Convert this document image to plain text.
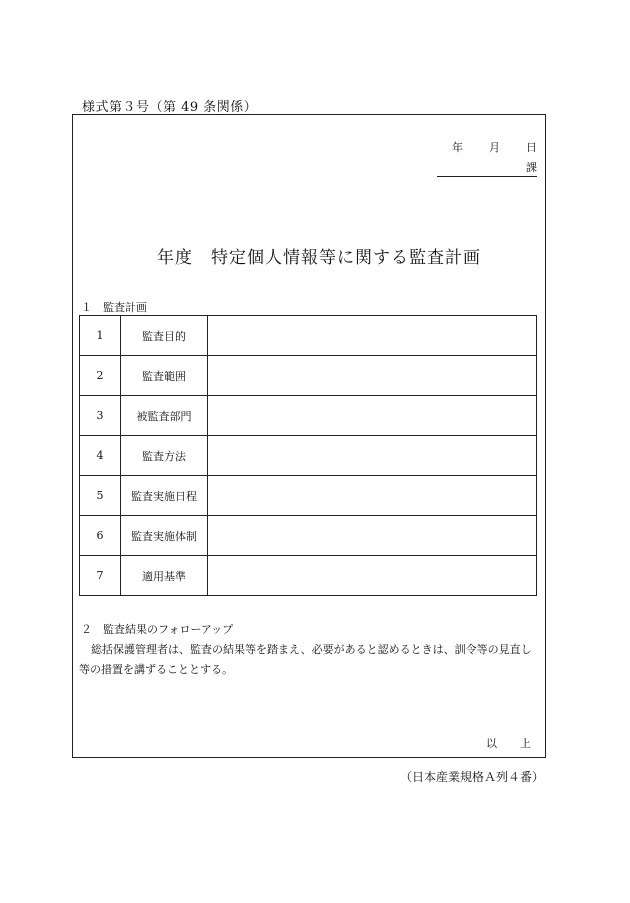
様式第３号（第 49 条関係）
年 月 日
課
年度　特定個人情報等に関する監査計画
１　監査計画
1	監査目的	
2	監査範囲	
3	被監査部門	
4	監査方法	
5	監査実施日程	
6	監査実施体制	
7	適用基準	
２　監査結果のフォローアップ
総括保護管理者は、監査の結果等を踏まえ、必要があると認めるときは、訓令等の見直し等の措置を講ずることとする。
以　上
（日本産業規格Ａ列４番）
